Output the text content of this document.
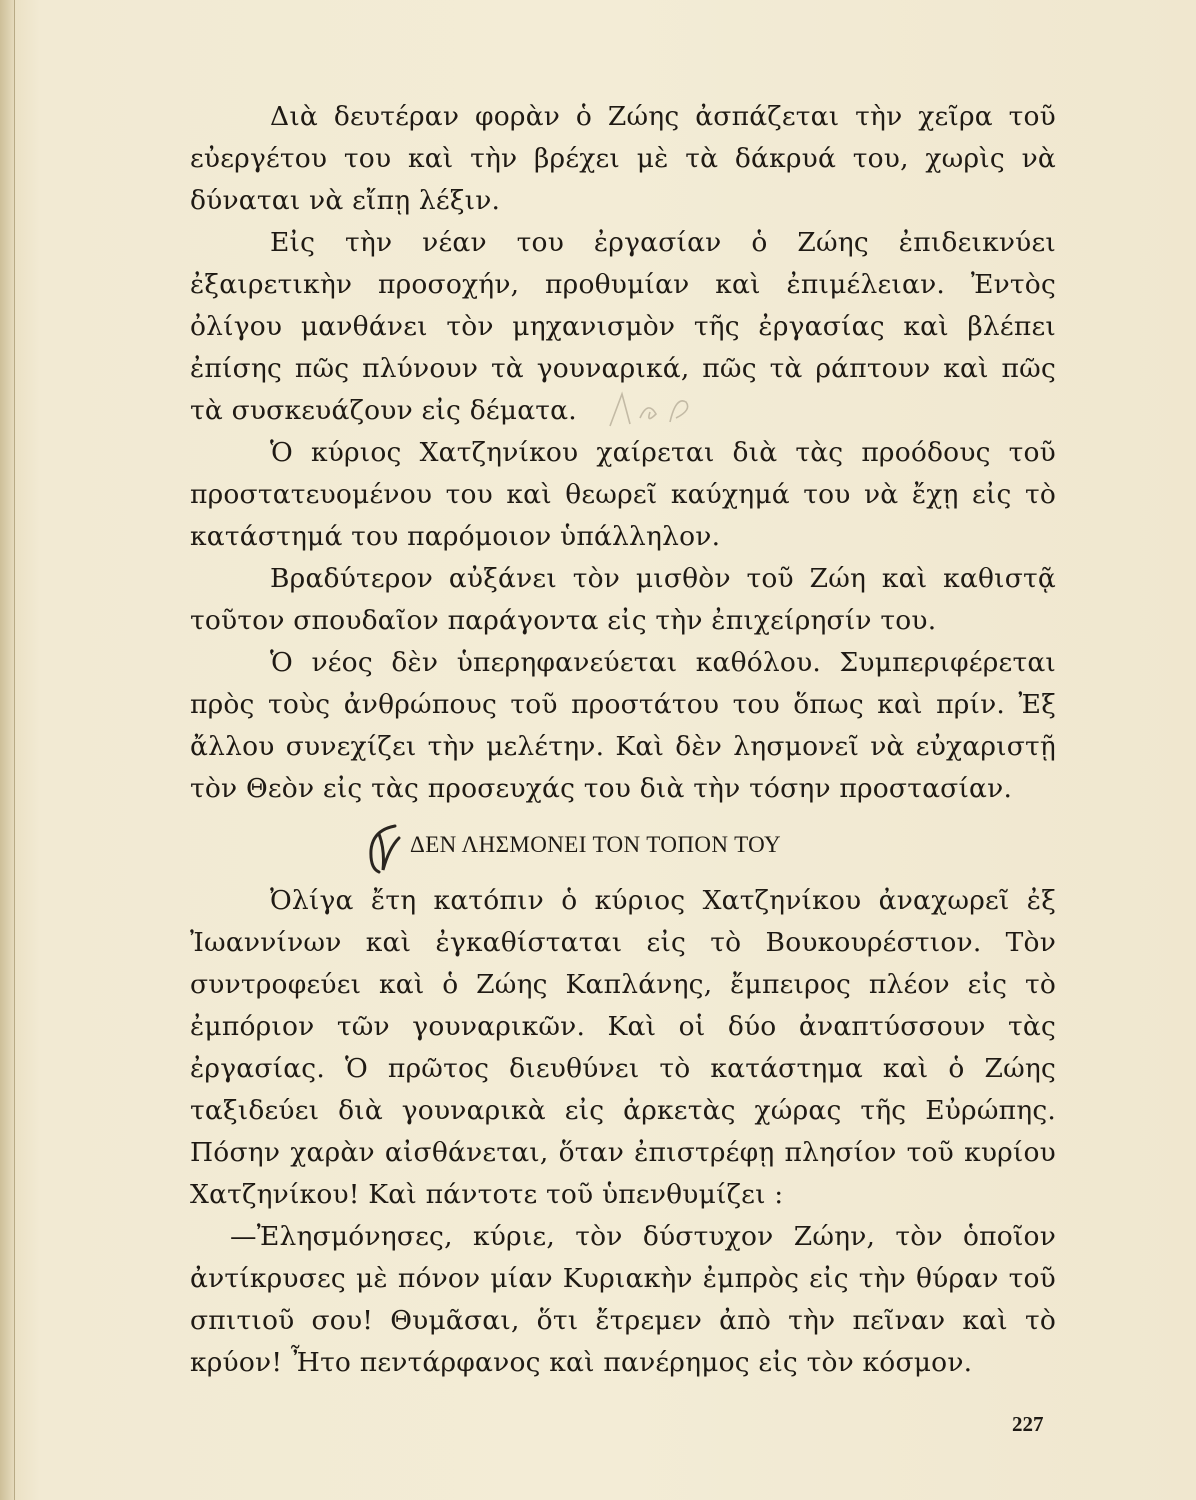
Διὰ δευτέραν φορὰν ὁ Ζώης ἀσπάζεται τὴν χεῖρα τοῦ εὐεργέτου του καὶ τὴν βρέχει μὲ τὰ δάκρυά του, χωρὶς νὰ δύναται νὰ εἴπῃ λέξιν.

Εἰς τὴν νέαν του ἐργασίαν ὁ Ζώης ἐπιδεικνύει ἐξαιρετικὴν προσοχήν, προθυμίαν καὶ ἐπιμέλειαν. Ἐντὸς ὀλίγου μανθάνει τὸν μηχανισμὸν τῆς ἐργασίας καὶ βλέπει ἐπίσης πῶς πλύνουν τὰ γουναρικά, πῶς τὰ ράπτουν καὶ πῶς τὰ συσκευάζουν εἰς δέματα.

Ὁ κύριος Χατζηνίκου χαίρεται διὰ τὰς προόδους τοῦ προστατευομένου του καὶ θεωρεῖ καύχημά του νὰ ἔχῃ εἰς τὸ κατάστημά του παρόμοιον ὑπάλληλον.

Βραδύτερον αὐξάνει τὸν μισθὸν τοῦ Ζώη καὶ καθιστᾷ τοῦτον σπουδαῖον παράγοντα εἰς τὴν ἐπιχείρησίν του.

Ὁ νέος δὲν ὑπερηφανεύεται καθόλου. Συμπεριφέρεται πρὸς τοὺς ἀνθρώπους τοῦ προστάτου του ὅπως καὶ πρίν. Ἐξ ἄλλου συνεχίζει τὴν μελέτην. Καὶ δὲν λησμονεῖ νὰ εὐχαριστῇ τὸν Θεὸν εἰς τὰς προσευχάς του διὰ τὴν τόσην προστασίαν.

ΔΕΝ ΛΗΣΜΟΝΕΙ ΤΟΝ ΤΟΠΟΝ ΤΟΥ

Ὀλίγα ἔτη κατόπιν ὁ κύριος Χατζηνίκου ἀναχωρεῖ ἐξ Ἰωαννίνων καὶ ἐγκαθίσταται εἰς τὸ Βουκουρέστιον. Τὸν συντροφεύει καὶ ὁ Ζώης Καπλάνης, ἔμπειρος πλέον εἰς τὸ ἐμπόριον τῶν γουναρικῶν. Καὶ οἱ δύο ἀναπτύσσουν τὰς ἐργασίας. Ὁ πρῶτος διευθύνει τὸ κατάστημα καὶ ὁ Ζώης ταξιδεύει διὰ γουναρικὰ εἰς ἀρκετὰς χώρας τῆς Εὐρώπης. Πόσην χαρὰν αἰσθάνεται, ὅταν ἐπιστρέφῃ πλησίον τοῦ κυρίου Χατζηνίκου! Καὶ πάντοτε τοῦ ὑπενθυμίζει :

—Ἐλησμόνησες, κύριε, τὸν δύστυχον Ζώην, τὸν ὁποῖον ἀντίκρυσες μὲ πόνον μίαν Κυριακὴν ἐμπρὸς εἰς τὴν θύραν τοῦ σπιτιοῦ σου! Θυμᾶσαι, ὅτι ἔτρεμεν ἀπὸ τὴν πεῖναν καὶ τὸ κρύον! Ἦτο πεντάρφανος καὶ πανέρημος εἰς τὸν κόσμον.

227
